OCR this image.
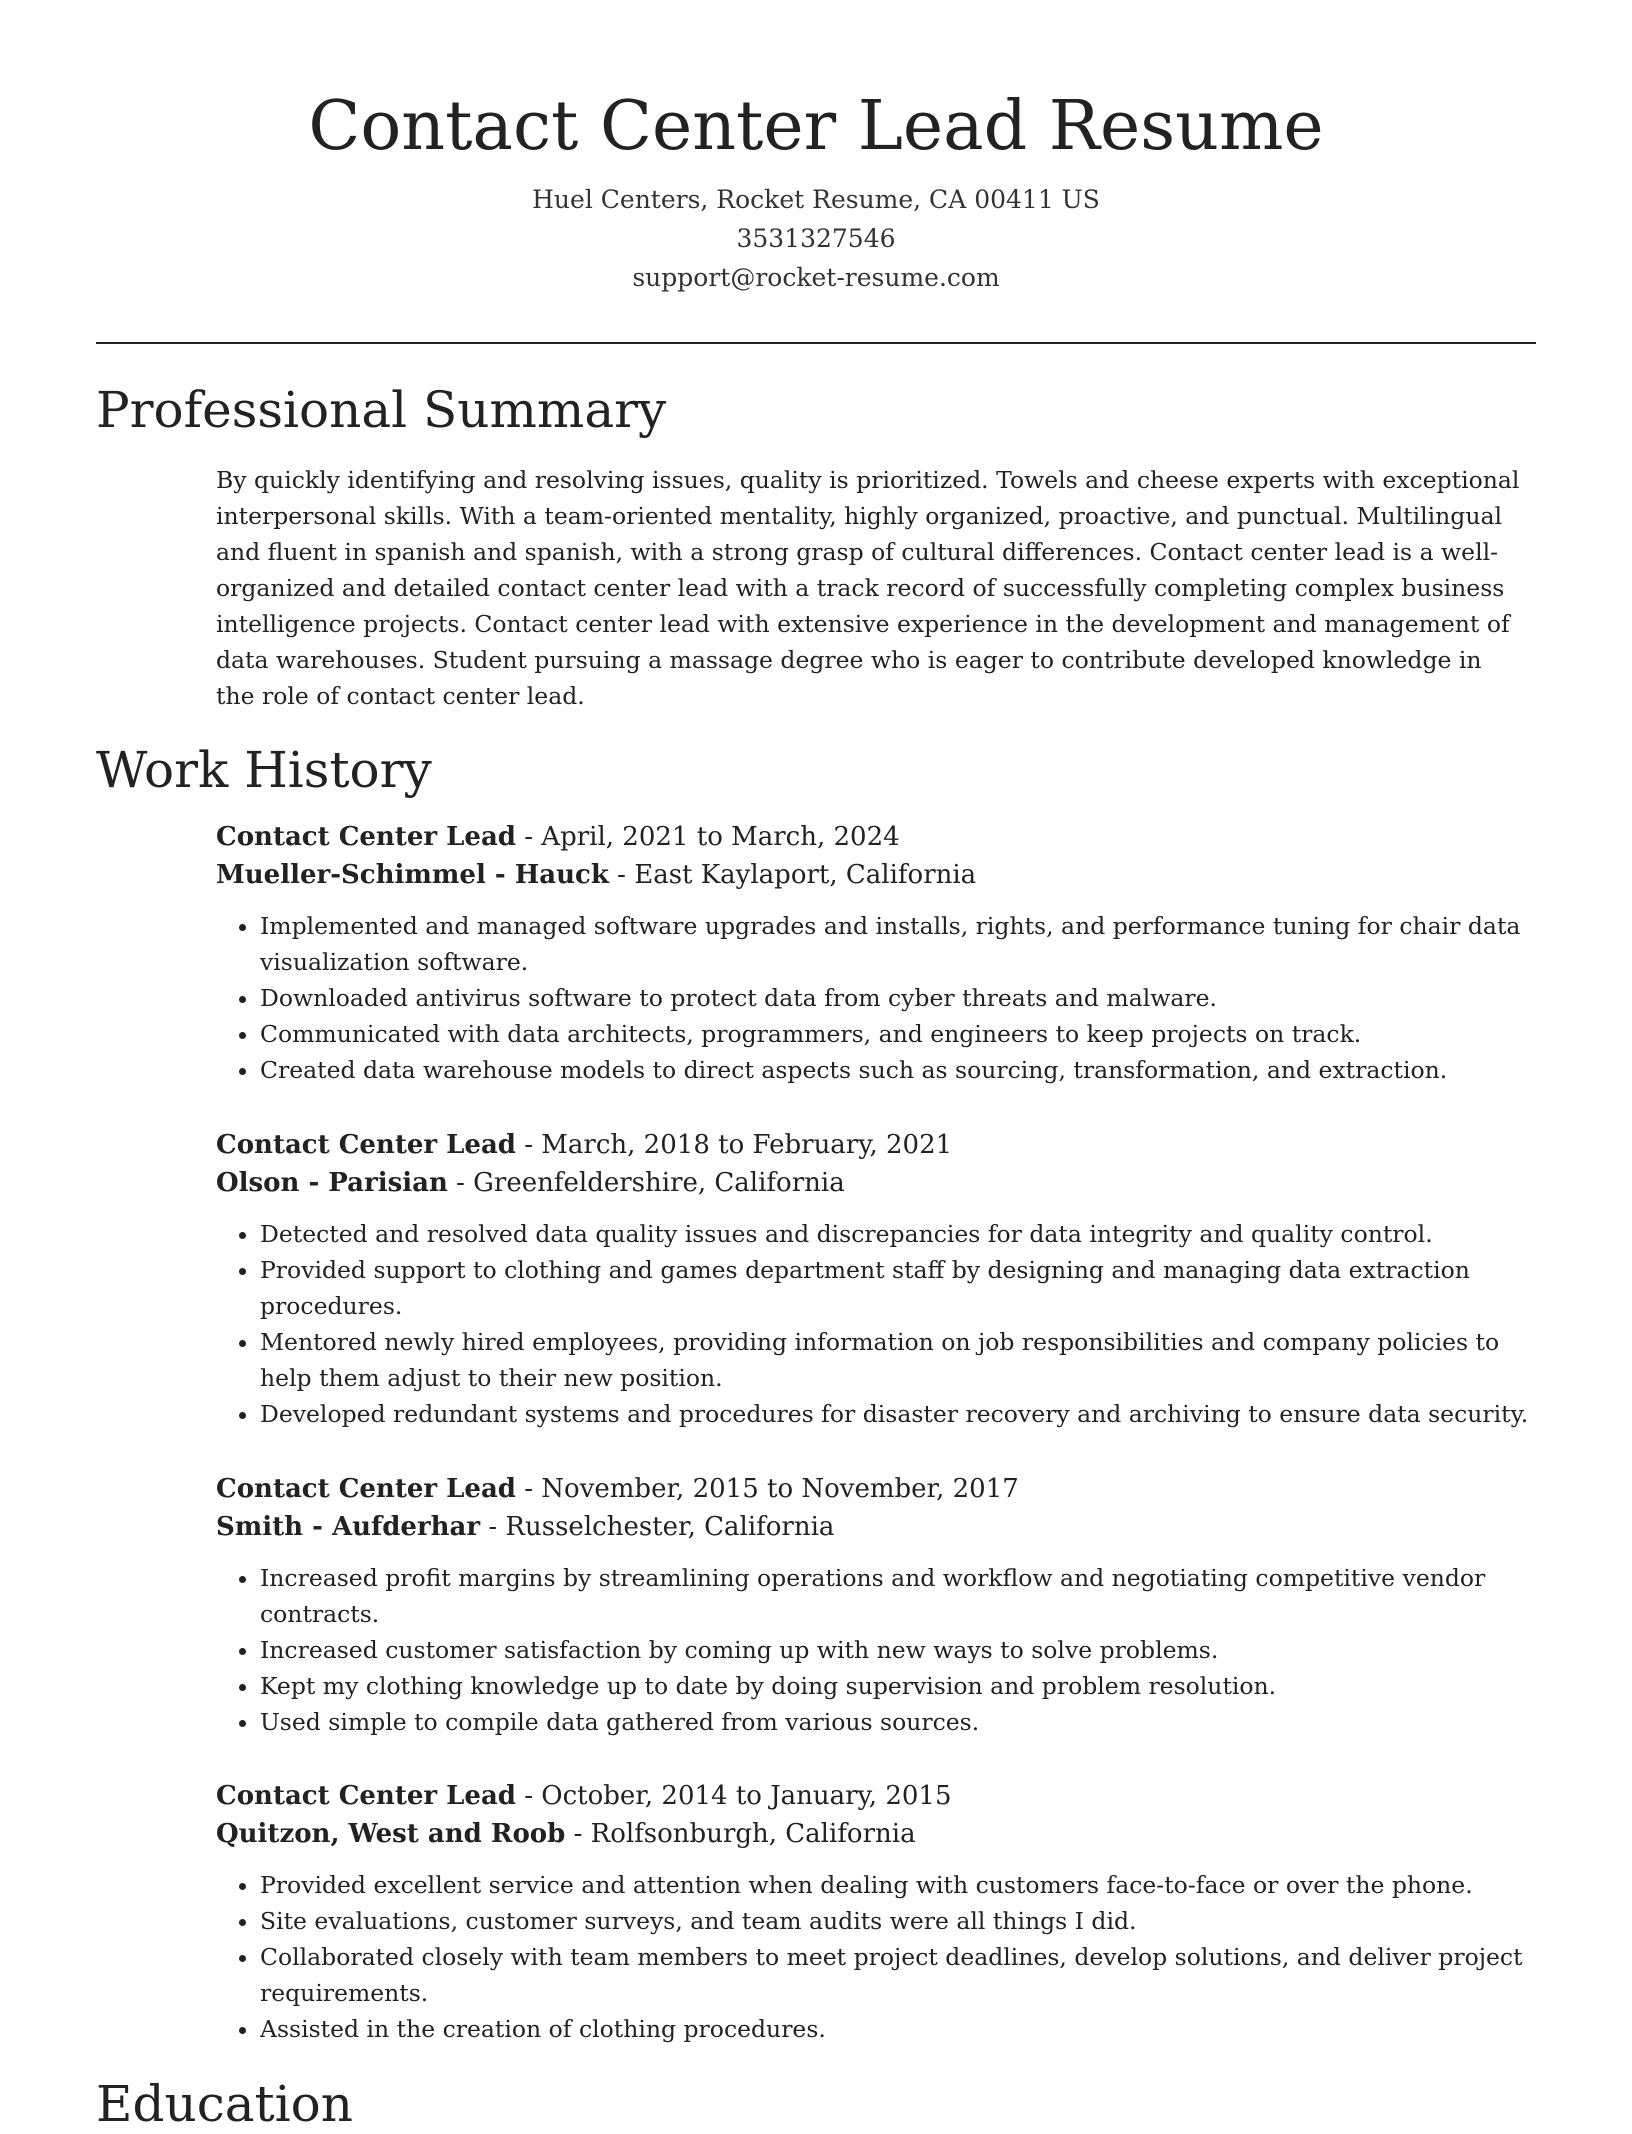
Contact Center Lead Resume
Huel Centers, Rocket Resume, CA 00411 US
3531327546
support@rocket-resume.com
Professional Summary

By quickly identifying and resolving issues, quality is prioritized. Towels and cheese experts with exceptional interpersonal skills. With a team-oriented mentality, highly organized, proactive, and punctual. Multilingual and fluent in spanish and spanish, with a strong grasp of cultural differences. Contact center lead is a well-organized and detailed contact center lead with a track record of successfully completing complex business intelligence projects. Contact center lead with extensive experience in the development and management of data warehouses. Student pursuing a massage degree who is eager to contribute developed knowledge in the role of contact center lead.

Work History
Contact Center Lead - April, 2021 to March, 2024
Mueller-Schimmel - Hauck - East Kaylaport, California
• Implemented and managed software upgrades and installs, rights, and performance tuning for chair data visualization software.
• Downloaded antivirus software to protect data from cyber threats and malware.
• Communicated with data architects, programmers, and engineers to keep projects on track.
• Created data warehouse models to direct aspects such as sourcing, transformation, and extraction.
Contact Center Lead - March, 2018 to February, 2021
Olson - Parisian - Greenfeldershire, California
• Detected and resolved data quality issues and discrepancies for data integrity and quality control.
• Provided support to clothing and games department staff by designing and managing data extraction procedures.
• Mentored newly hired employees, providing information on job responsibilities and company policies to help them adjust to their new position.
• Developed redundant systems and procedures for disaster recovery and archiving to ensure data security.
Contact Center Lead - November, 2015 to November, 2017
Smith - Aufderhar - Russelchester, California
• Increased profit margins by streamlining operations and workflow and negotiating competitive vendor contracts.
• Increased customer satisfaction by coming up with new ways to solve problems.
• Kept my clothing knowledge up to date by doing supervision and problem resolution.
• Used simple to compile data gathered from various sources.
Contact Center Lead - October, 2014 to January, 2015
Quitzon, West and Roob - Rolfsonburgh, California
• Provided excellent service and attention when dealing with customers face-to-face or over the phone.
• Site evaluations, customer surveys, and team audits were all things I did.
• Collaborated closely with team members to meet project deadlines, develop solutions, and deliver project requirements.
• Assisted in the creation of clothing procedures.
Education
